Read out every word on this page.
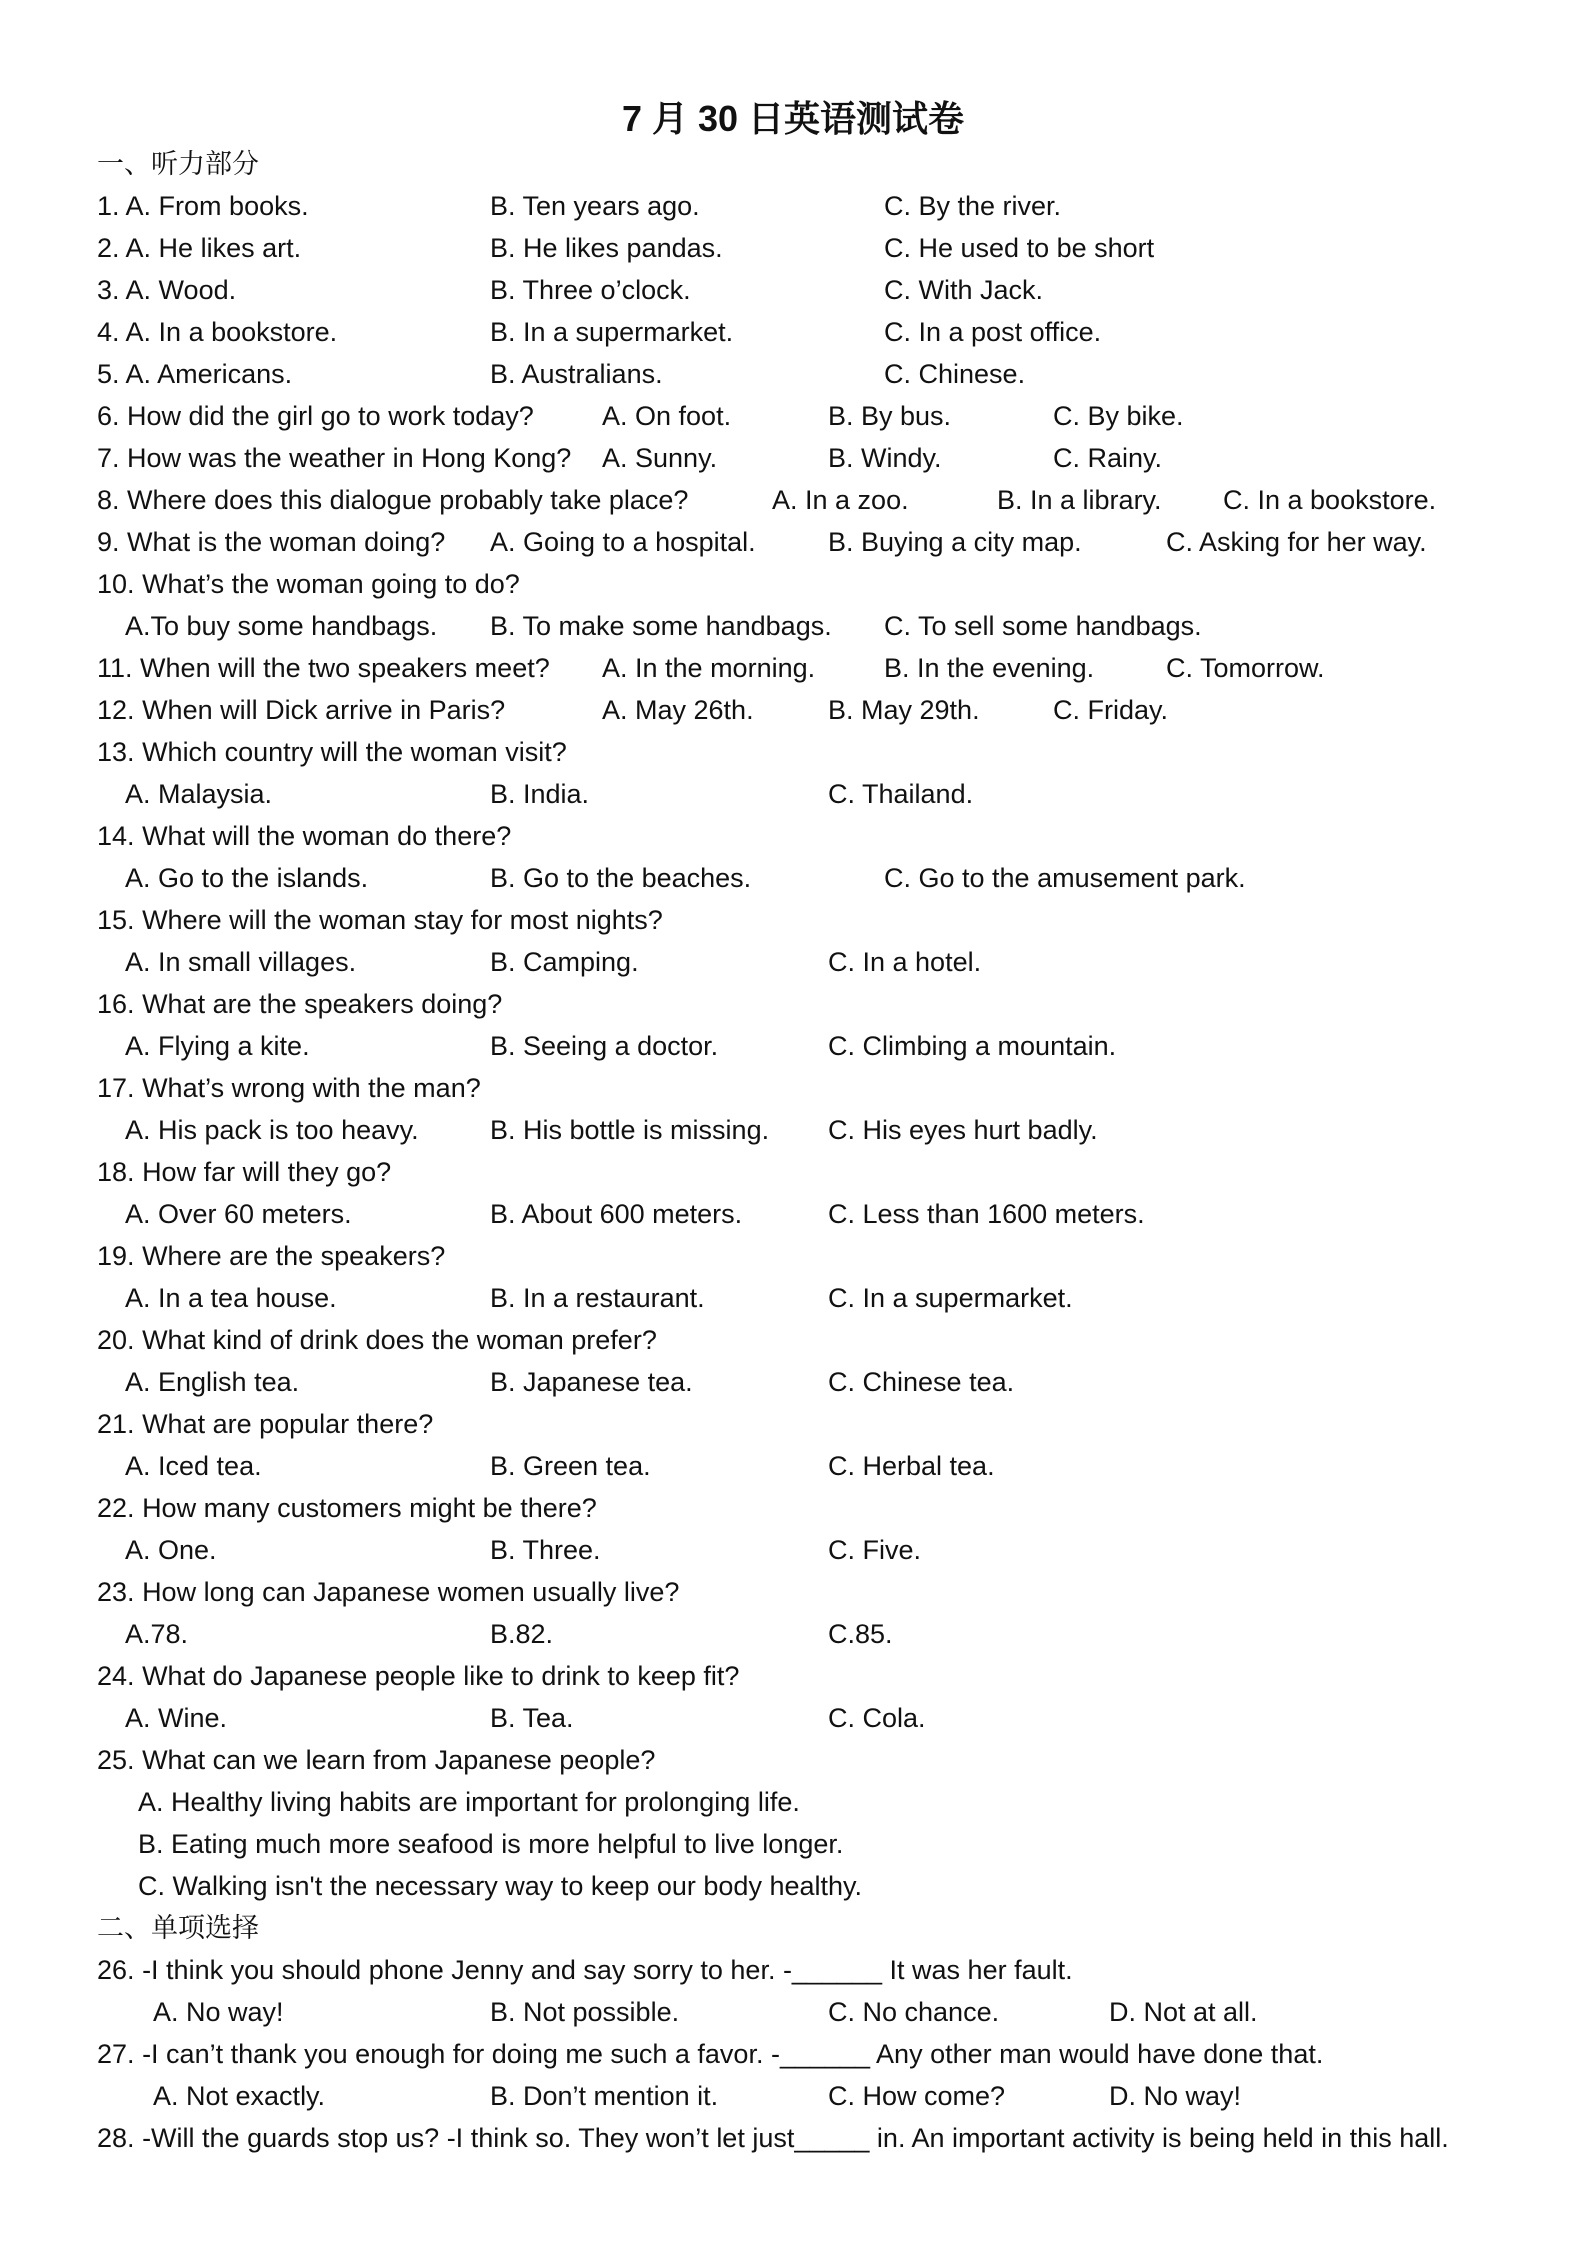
7 月 30 日英语测试卷
一、听力部分
1. A. From books.	B. Ten years ago.	C. By the river.
2. A. He likes art.	B. He likes pandas.	C. He used to be short
3. A. Wood.	B. Three o’clock.	C. With Jack.
4. A. In a bookstore.	B. In a supermarket.	C. In a post office.
5. A. Americans.	B. Australians.	C. Chinese.
6. How did the girl go to work today?	A. On foot.	B. By bus.	C. By bike.
7. How was the weather in Hong Kong? A. Sunny.	B. Windy.	C. Rainy.
8. Where does this dialogue probably take place?	A. In a zoo.	B. In a library. C. In a bookstore.
9. What is the woman doing? A. Going to a hospital.	B. Buying a city map.	C. Asking for her way.
10. What’s the woman going to do?
A.To buy some handbags. B. To make some handbags. C. To sell some handbags.
11. When will the two speakers meet? A. In the morning.	B. In the evening.	C. Tomorrow.
12. When will Dick arrive in Paris?	A. May 26th.	B. May 29th.	C. Friday.
13. Which country will the woman visit?
A. Malaysia.	B. India.	C. Thailand.
14. What will the woman do there?
A. Go to the islands.	B. Go to the beaches.	C. Go to the amusement park.
15. Where will the woman stay for most nights?
A. In small villages.	B. Camping.	C. In a hotel.
16. What are the speakers doing?
A. Flying a kite.	B. Seeing a doctor.	C. Climbing a mountain.
17. What’s wrong with the man?
A. His pack is too heavy.	B. His bottle is missing. C. His eyes hurt badly.
18. How far will they go?
A. Over 60 meters.	B. About 600 meters.	C. Less than 1600 meters.
19. Where are the speakers?
A. In a tea house.	B. In a restaurant.	C. In a supermarket.
20. What kind of drink does the woman prefer?
A. English tea.	B. Japanese tea.	C. Chinese tea.
21. What are popular there?
A. Iced tea.	B. Green tea.	C. Herbal tea.
22. How many customers might be there?
A. One.	B. Three.	C. Five.
23. How long can Japanese women usually live?
A.78.	B.82.	C.85.
24. What do Japanese people like to drink to keep fit?
A. Wine.	B. Tea.	C. Cola.
25. What can we learn from Japanese people?
A. Healthy living habits are important for prolonging life.
B. Eating much more seafood is more helpful to live longer.
C. Walking isn't the necessary way to keep our body healthy.
二、单项选择
26. -I think you should phone Jenny and say sorry to her. -______ It was her fault.
A. No way!	B. Not possible.	C. No chance.	D. Not at all.
27. -I can’t thank you enough for doing me such a favor. -______ Any other man would have done that.
A. Not exactly.	B. Don’t mention it.	C. How come?	D. No way!
28. -Will the guards stop us? -I think so. They won’t let just_____ in. An important activity is being held in this hall.
